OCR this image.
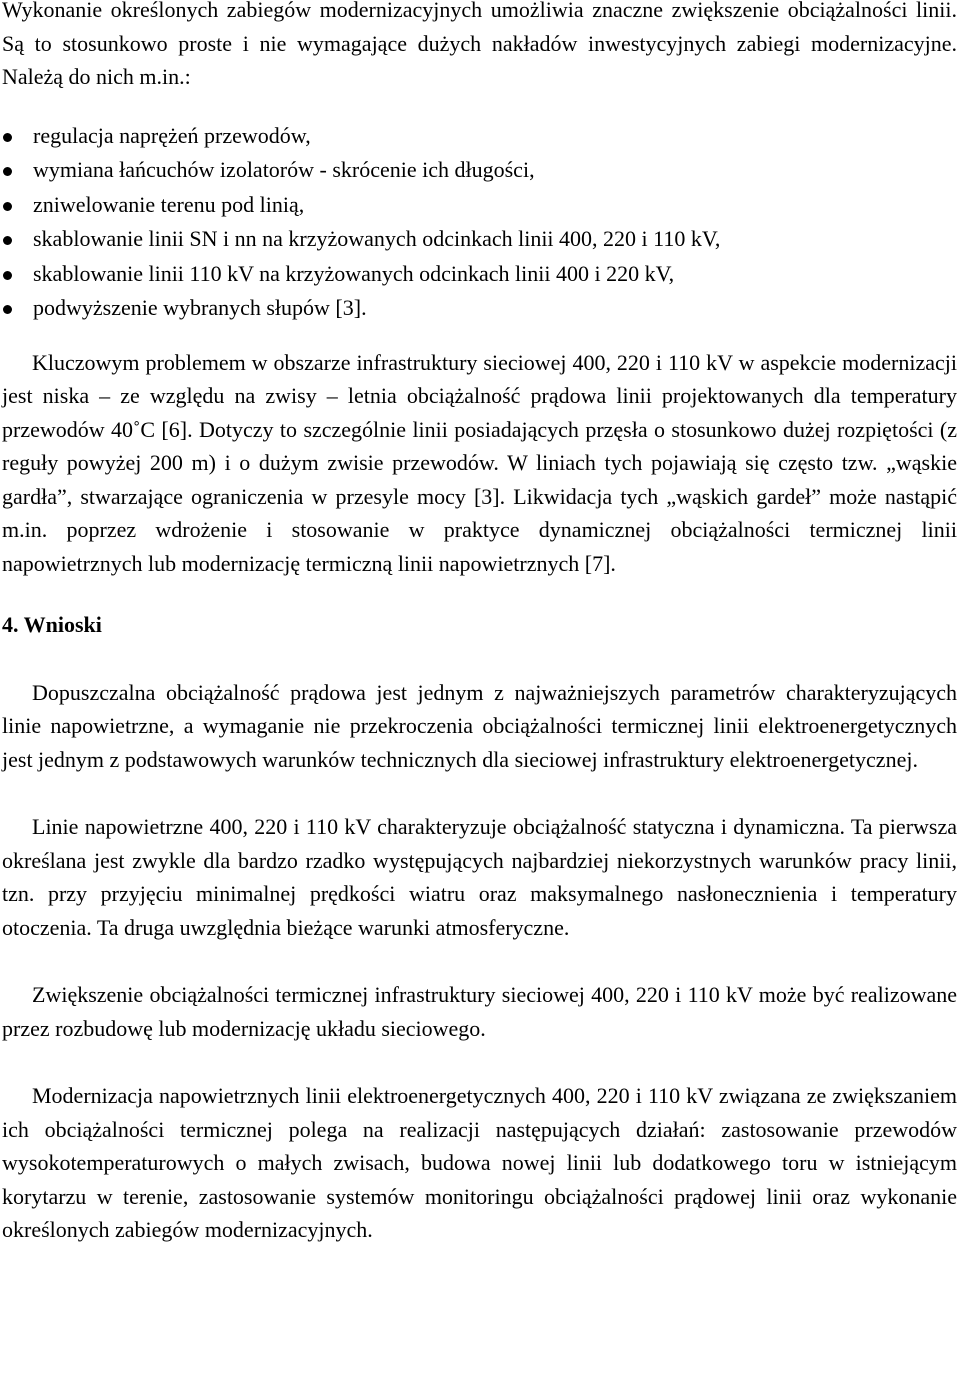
Wykonanie określonych zabiegów modernizacyjnych umożliwia znaczne zwiększenie obciążalności linii. Są to stosunkowo proste i nie wymagające dużych nakładów inwestycyjnych zabiegi modernizacyjne. Należą do nich m.in.:

regulacja naprężeń przewodów,
wymiana łańcuchów izolatorów - skrócenie ich długości,
zniwelowanie terenu pod linią,
skablowanie linii SN i nn na krzyżowanych odcinkach linii 400, 220 i 110 kV,
skablowanie linii 110 kV na krzyżowanych odcinkach linii 400 i 220 kV,
podwyższenie wybranych słupów [3].

Kluczowym problemem w obszarze infrastruktury sieciowej 400, 220 i 110 kV w aspekcie modernizacji jest niska – ze względu na zwisy – letnia obciążalność prądowa linii projektowanych dla temperatury przewodów 40˚C [6]. Dotyczy to szczególnie linii posiadających przęsła o stosunkowo dużej rozpiętości (z reguły powyżej 200 m) i o dużym zwisie przewodów. W liniach tych pojawiają się często tzw. „wąskie gardła”, stwarzające ograniczenia w przesyle mocy [3]. Likwidacja tych „wąskich gardeł” może nastąpić m.in. poprzez wdrożenie i stosowanie w praktyce dynamicznej obciążalności termicznej linii napowietrznych lub modernizację termiczną linii napowietrznych [7].

4. Wnioski

Dopuszczalna obciążalność prądowa jest jednym z najważniejszych parametrów charakteryzujących linie napowietrzne, a wymaganie nie przekroczenia obciążalności termicznej linii elektroenergetycznych jest jednym z podstawowych warunków technicznych dla sieciowej infrastruktury elektroenergetycznej.

Linie napowietrzne 400, 220 i 110 kV charakteryzuje obciążalność statyczna i dynamiczna. Ta pierwsza określana jest zwykle dla bardzo rzadko występujących najbardziej niekorzystnych warunków pracy linii, tzn. przy przyjęciu minimalnej prędkości wiatru oraz maksymalnego nasłonecznienia i temperatury otoczenia. Ta druga uwzględnia bieżące warunki atmosferyczne.

Zwiększenie obciążalności termicznej infrastruktury sieciowej 400, 220 i 110 kV może być realizowane przez rozbudowę lub modernizację układu sieciowego.

Modernizacja napowietrznych linii elektroenergetycznych 400, 220 i 110 kV związana ze zwiększaniem ich obciążalności termicznej polega na realizacji następujących działań: zastosowanie przewodów wysokotemperaturowych o małych zwisach, budowa nowej linii lub dodatkowego toru w istniejącym korytarzu w terenie, zastosowanie systemów monitoringu obciążalności prądowej linii oraz wykonanie określonych zabiegów modernizacyjnych.
